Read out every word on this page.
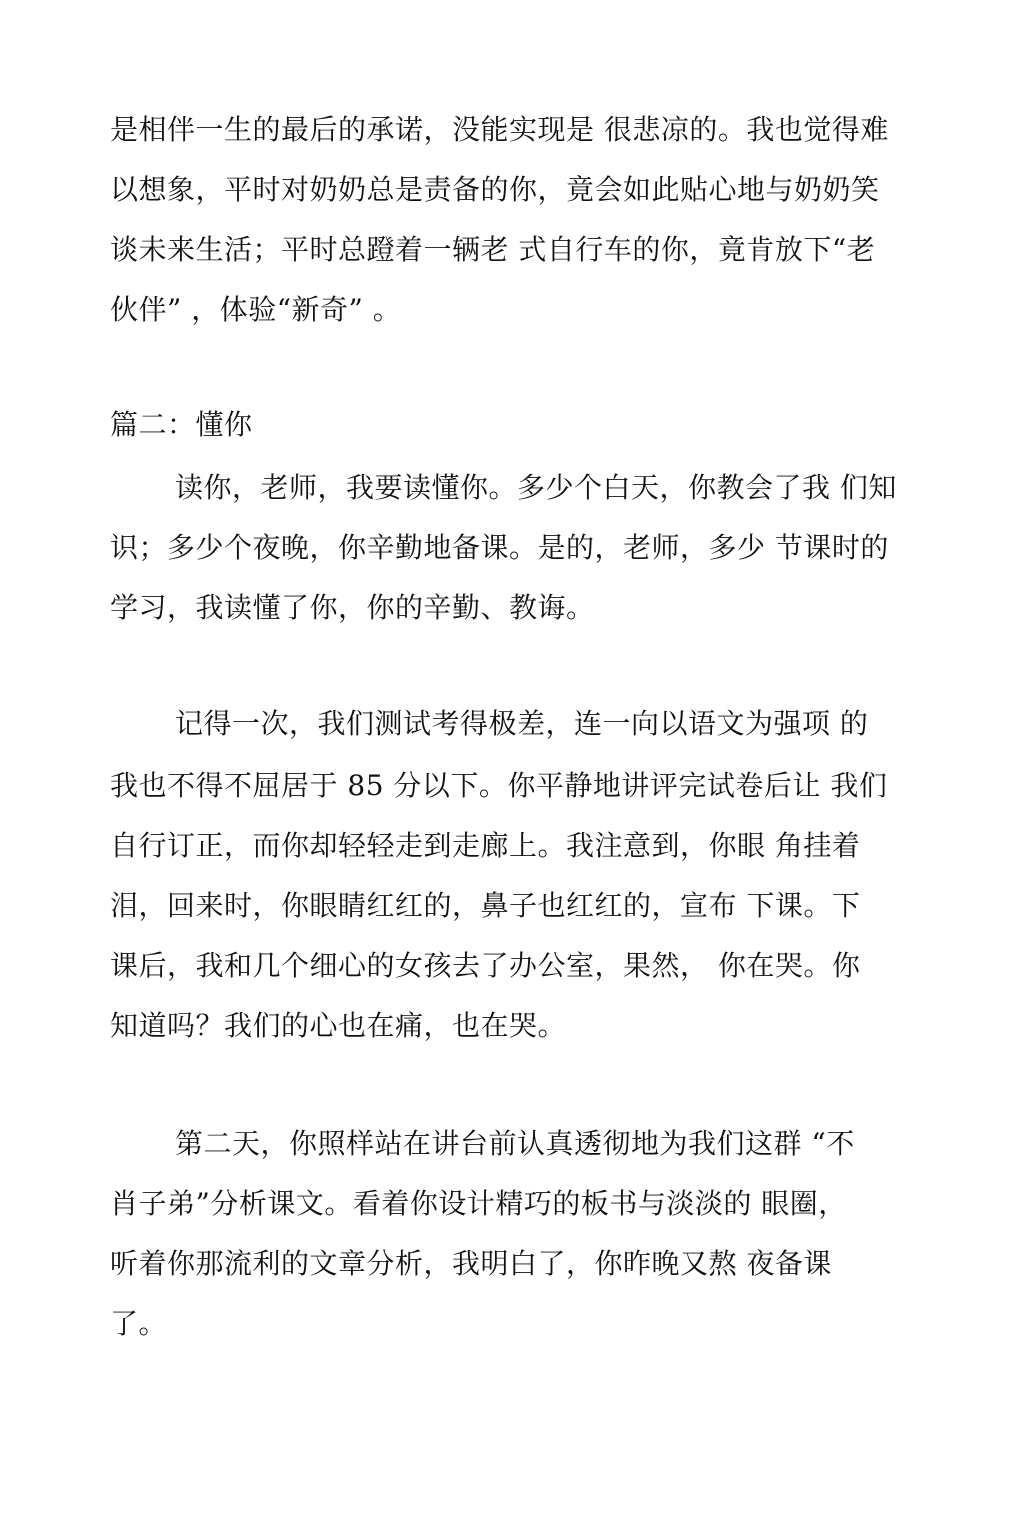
是相伴一生的最后的承诺，没能实现是 很悲凉的。我也觉得难
以想象，平时对奶奶总是责备的你，竟会如此贴心地与奶奶笑
谈未来生活；平时总蹬着一辆老 式自行车的你，竟肯放下“老
伙伴” ，体验“新奇” 。
篇二：懂你
读你，老师，我要读懂你。多少个白天，你教会了我 们知
识；多少个夜晚，你辛勤地备课。是的，老师，多少 节课时的
学习，我读懂了你，你的辛勤、教诲。
记得一次，我们测试考得极差，连一向以语文为强项 的
我也不得不屈居于 85 分以下。你平静地讲评完试卷后让 我们
自行订正，而你却轻轻走到走廊上。我注意到，你眼 角挂着
泪，回来时，你眼睛红红的，鼻子也红红的，宣布 下课。下
课后，我和几个细心的女孩去了办公室，果然， 你在哭。你
知道吗？我们的心也在痛，也在哭。
第二天，你照样站在讲台前认真透彻地为我们这群 “不
肖子弟”分析课文。看着你设计精巧的板书与淡淡的 眼圈，
听着你那流利的文章分析，我明白了，你昨晚又熬 夜备课
了。
